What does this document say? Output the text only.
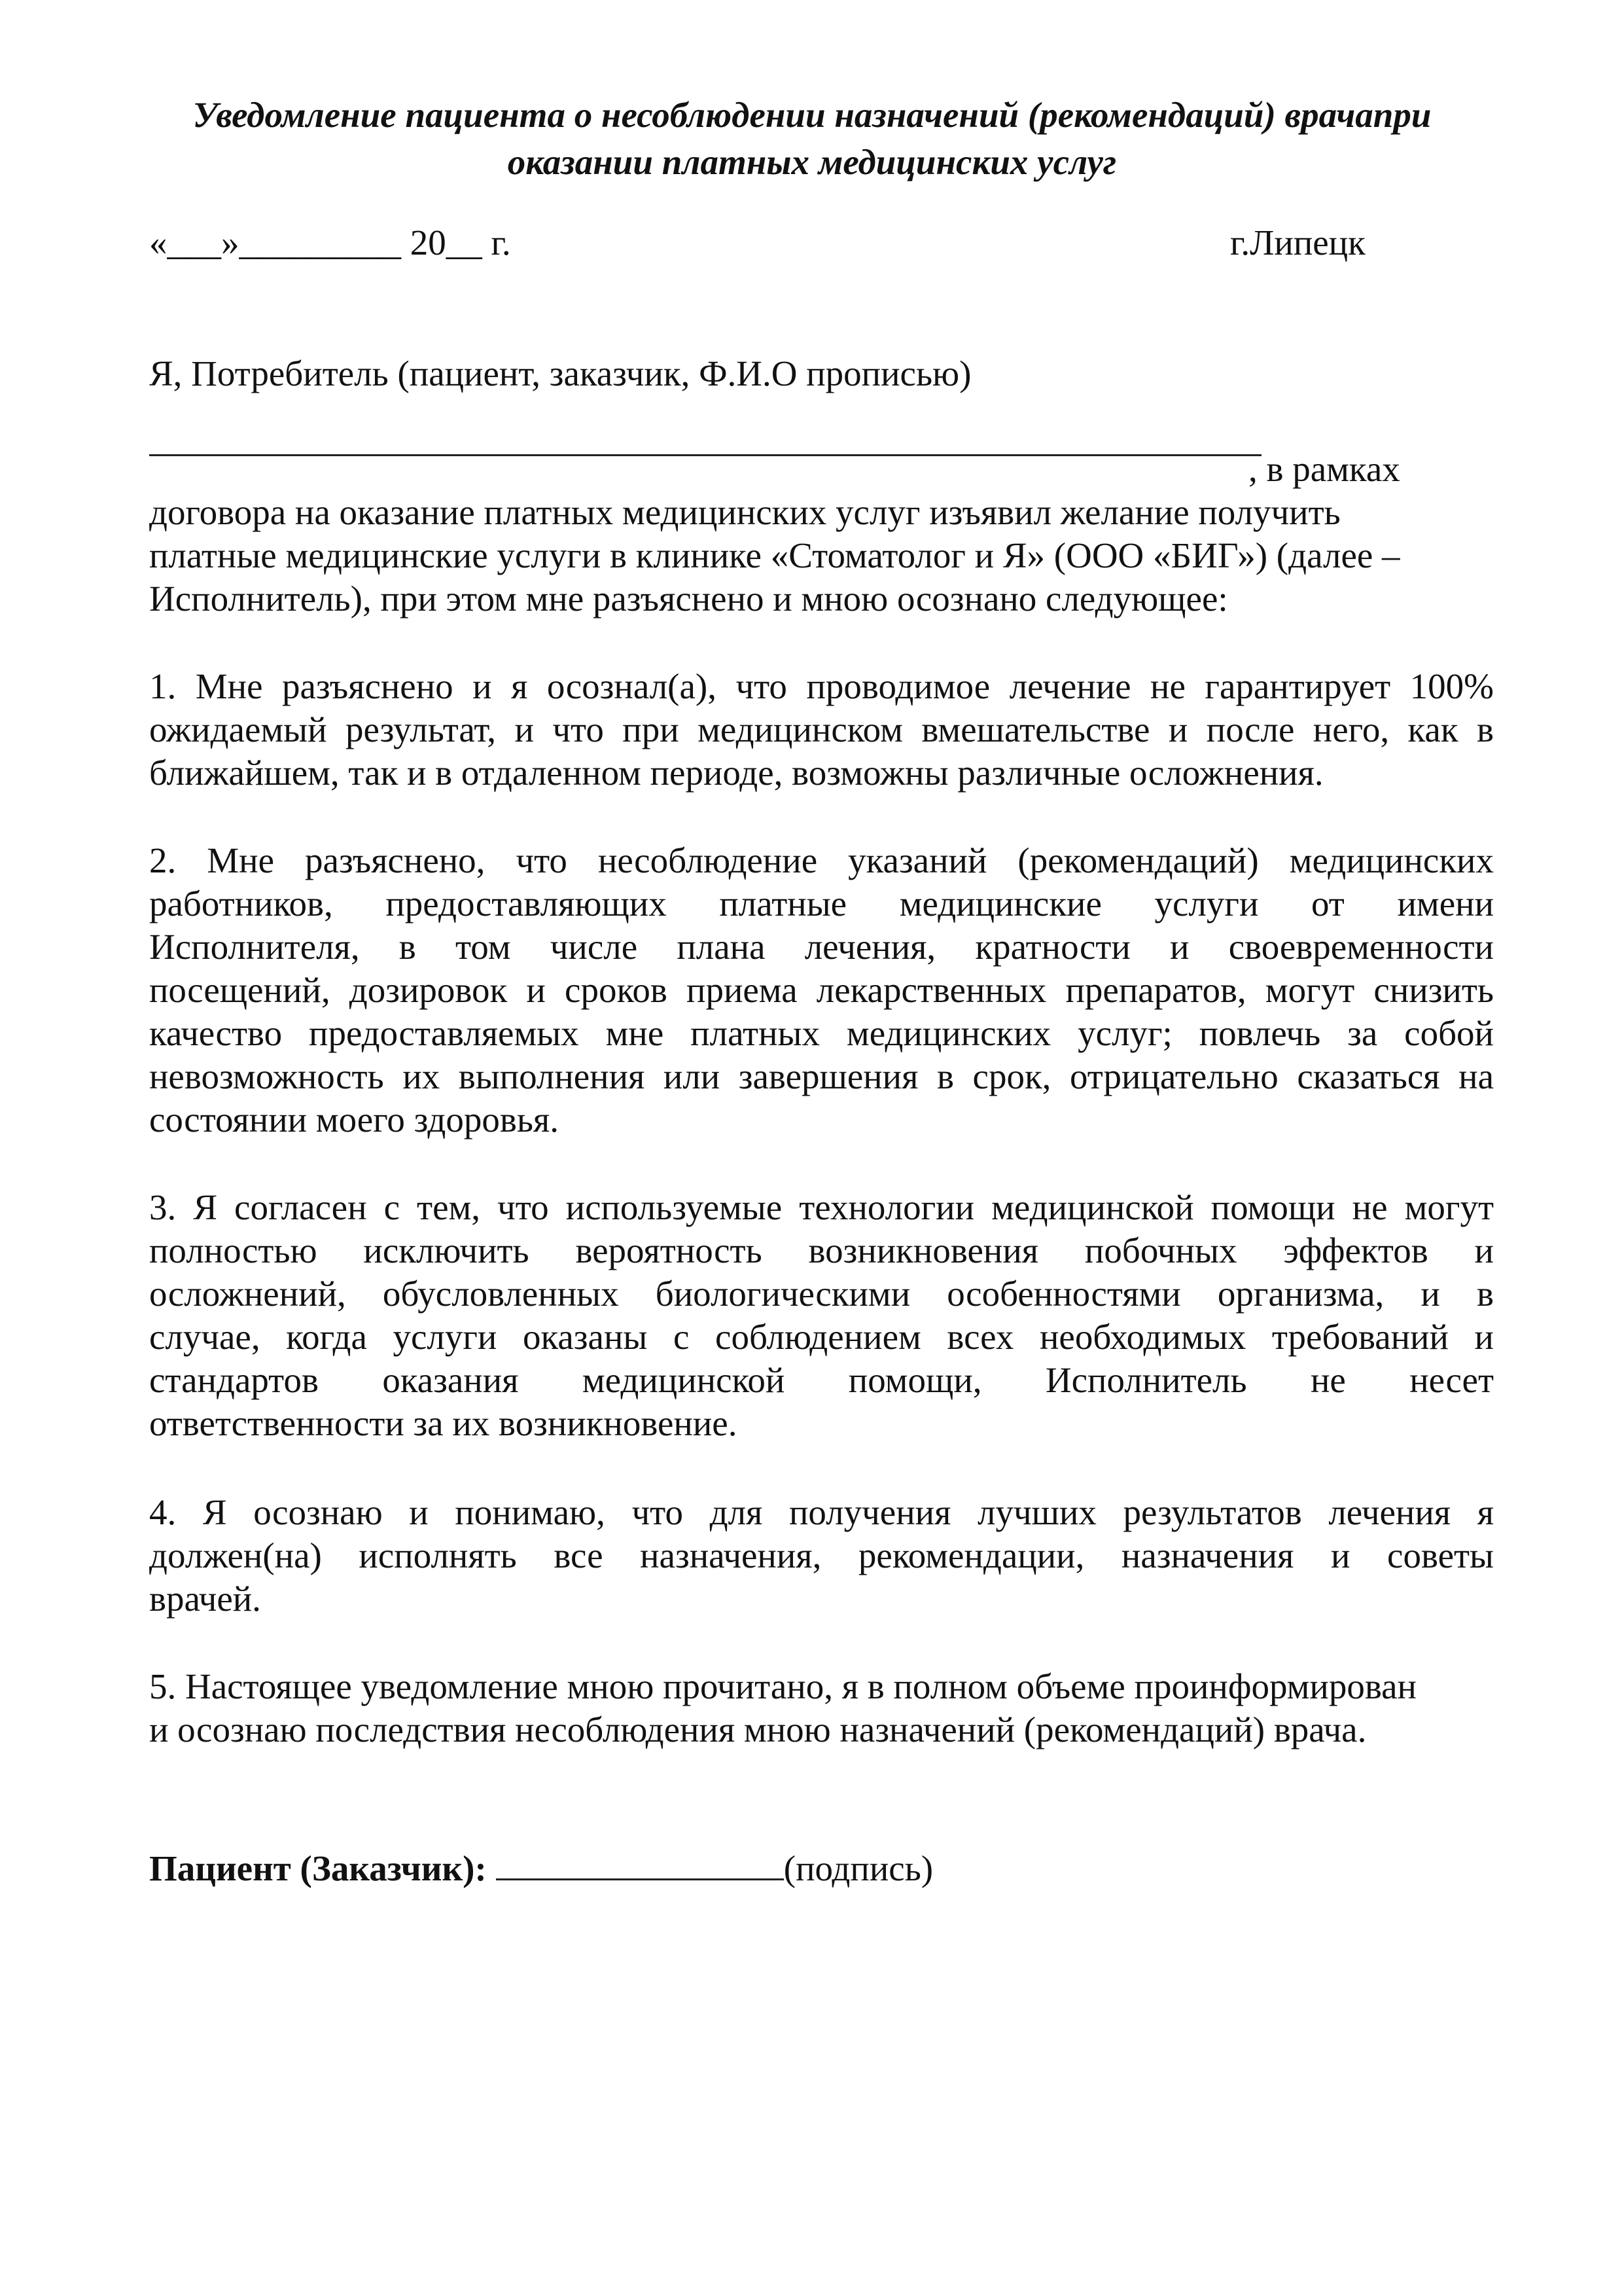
Уведомление пациента о несоблюдении назначений (рекомендаций) врачапри
оказании платных медицинских услуг
«___»_________ 20__ г.	г.Липецк
Я, Потребитель (пациент, заказчик, Ф.И.О прописью)
, в рамках
договора на оказание платных медицинских услуг изъявил желание получить
платные медицинские услуги в клинике «Стоматолог и Я» (ООО «БИГ») (далее –
Исполнитель), при этом мне разъяснено и мною осознано следующее:
1. Мне разъяснено и я осознал(а), что проводимое лечение не гарантирует 100%
ожидаемый результат, и что при медицинском вмешательстве и после него, как в
ближайшем, так и в отдаленном периоде, возможны различные осложнения.
2. Мне разъяснено, что несоблюдение указаний (рекомендаций) медицинских
работников, предоставляющих платные медицинские услуги от имени
Исполнителя, в том числе плана лечения, кратности и своевременности
посещений, дозировок и сроков приема лекарственных препаратов, могут снизить
качество предоставляемых мне платных медицинских услуг; повлечь за собой
невозможность их выполнения или завершения в срок, отрицательно сказаться на
состоянии моего здоровья.
3. Я согласен с тем, что используемые технологии медицинской помощи не могут
полностью исключить вероятность возникновения побочных эффектов и
осложнений, обусловленных биологическими особенностями организма, и в
случае, когда услуги оказаны с соблюдением всех необходимых требований и
стандартов оказания медицинской помощи, Исполнитель не несет
ответственности за их возникновение.
4. Я осознаю и понимаю, что для получения лучших результатов лечения я
должен(на) исполнять все назначения, рекомендации, назначения и советы
врачей.
5. Настоящее уведомление мною прочитано, я в полном объеме проинформирован
и осознаю последствия несоблюдения мною назначений (рекомендаций) врача.
Пациент (Заказчик):	(подпись)
